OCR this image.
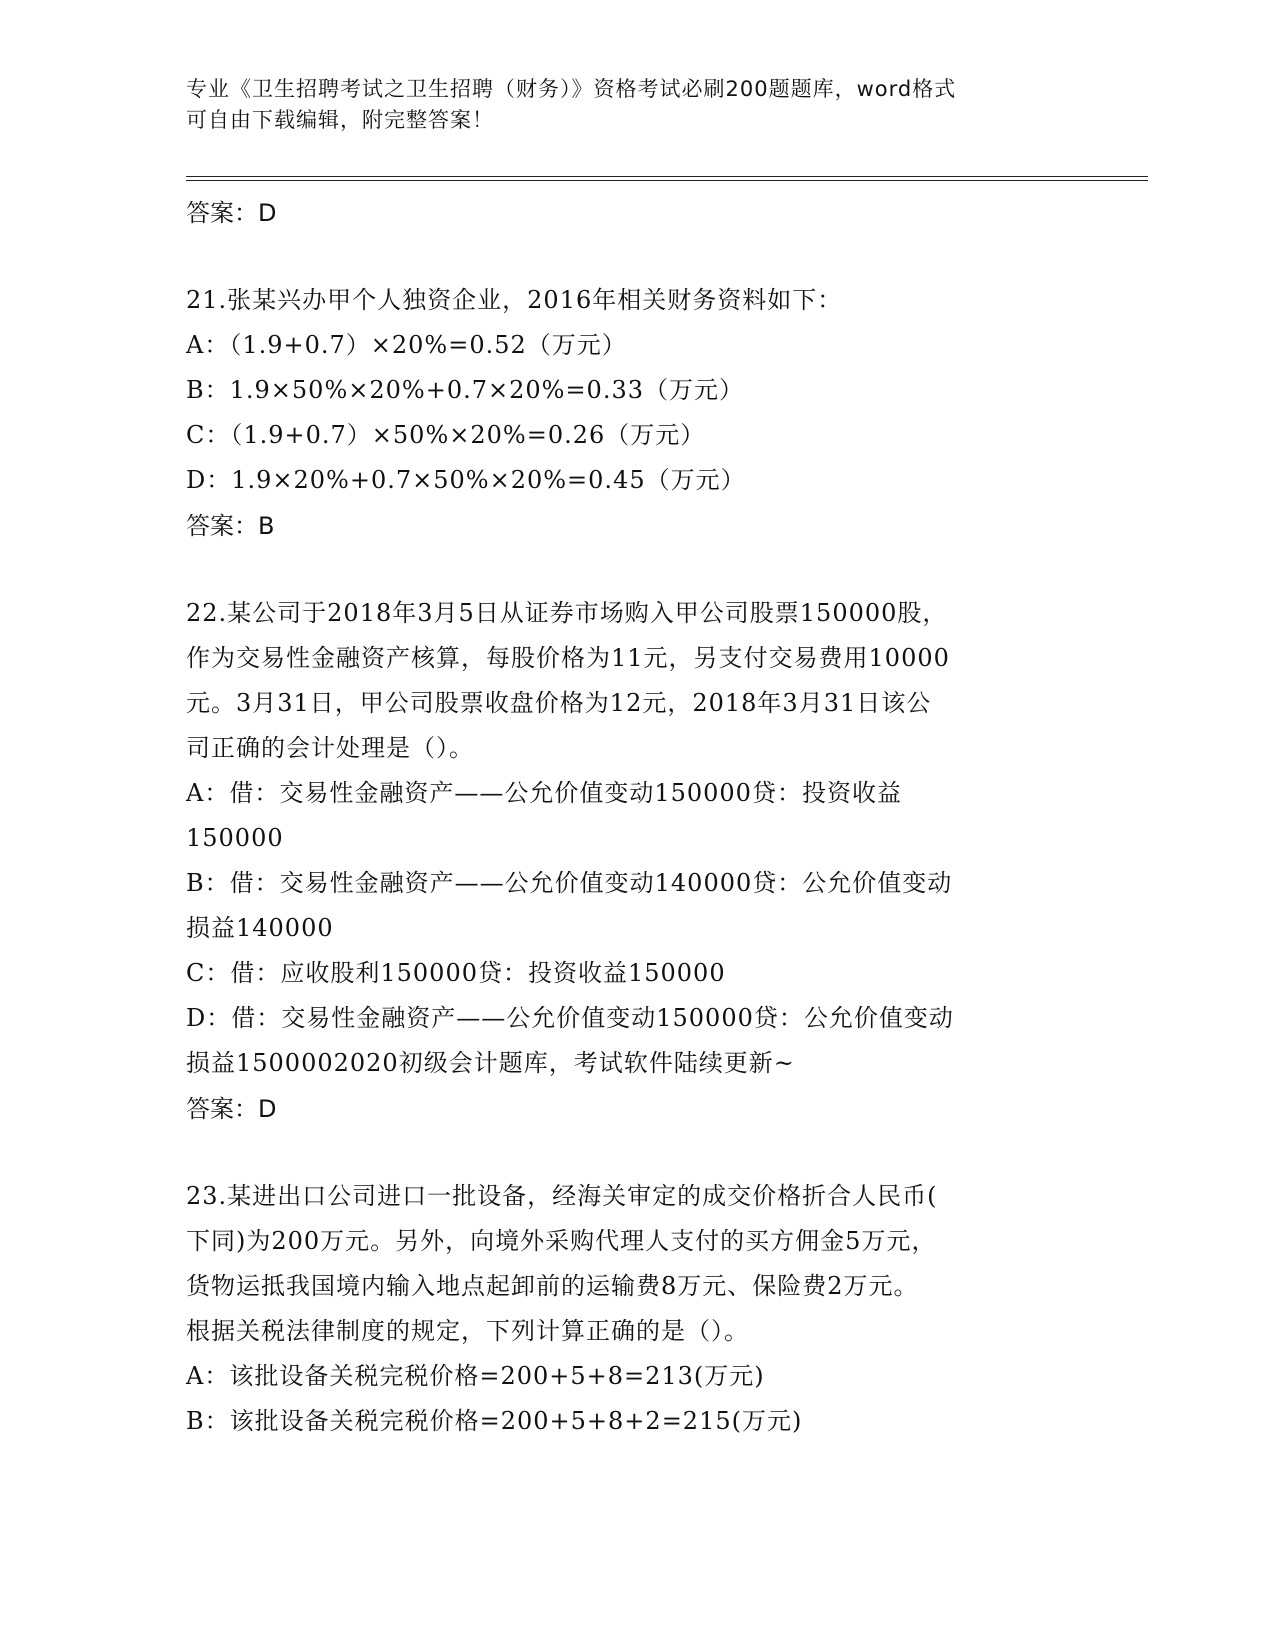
专业《卫生招聘考试之卫生招聘（财务）》资格考试必刷200题题库，word格式
可自由下载编辑，附完整答案！
答案：D
21.张某兴办甲个人独资企业，2016年相关财务资料如下：
A：（1.9+0.7）×20%=0.52（万元）
B：1.9×50%×20%+0.7×20%=0.33（万元）
C：（1.9+0.7）×50%×20%=0.26（万元）
D：1.9×20%+0.7×50%×20%=0.45（万元）
答案：B
22.某公司于2018年3月5日从证券市场购入甲公司股票150000股，
作为交易性金融资产核算，每股价格为11元，另支付交易费用10000
元。3月31日，甲公司股票收盘价格为12元，2018年3月31日该公
司正确的会计处理是（）。
A：借：交易性金融资产——公允价值变动150000贷：投资收益
150000
B：借：交易性金融资产——公允价值变动140000贷：公允价值变动
损益140000
C：借：应收股利150000贷：投资收益150000
D：借：交易性金融资产——公允价值变动150000贷：公允价值变动
损益1500002020初级会计题库，考试软件陆续更新~
答案：D
23.某进出口公司进口一批设备，经海关审定的成交价格折合人民币(
下同)为200万元。另外，向境外采购代理人支付的买方佣金5万元，
货物运抵我国境内输入地点起卸前的运输费8万元、保险费2万元。
根据关税法律制度的规定，下列计算正确的是（）。
A：该批设备关税完税价格=200+5+8=213(万元)
B：该批设备关税完税价格=200+5+8+2=215(万元)
